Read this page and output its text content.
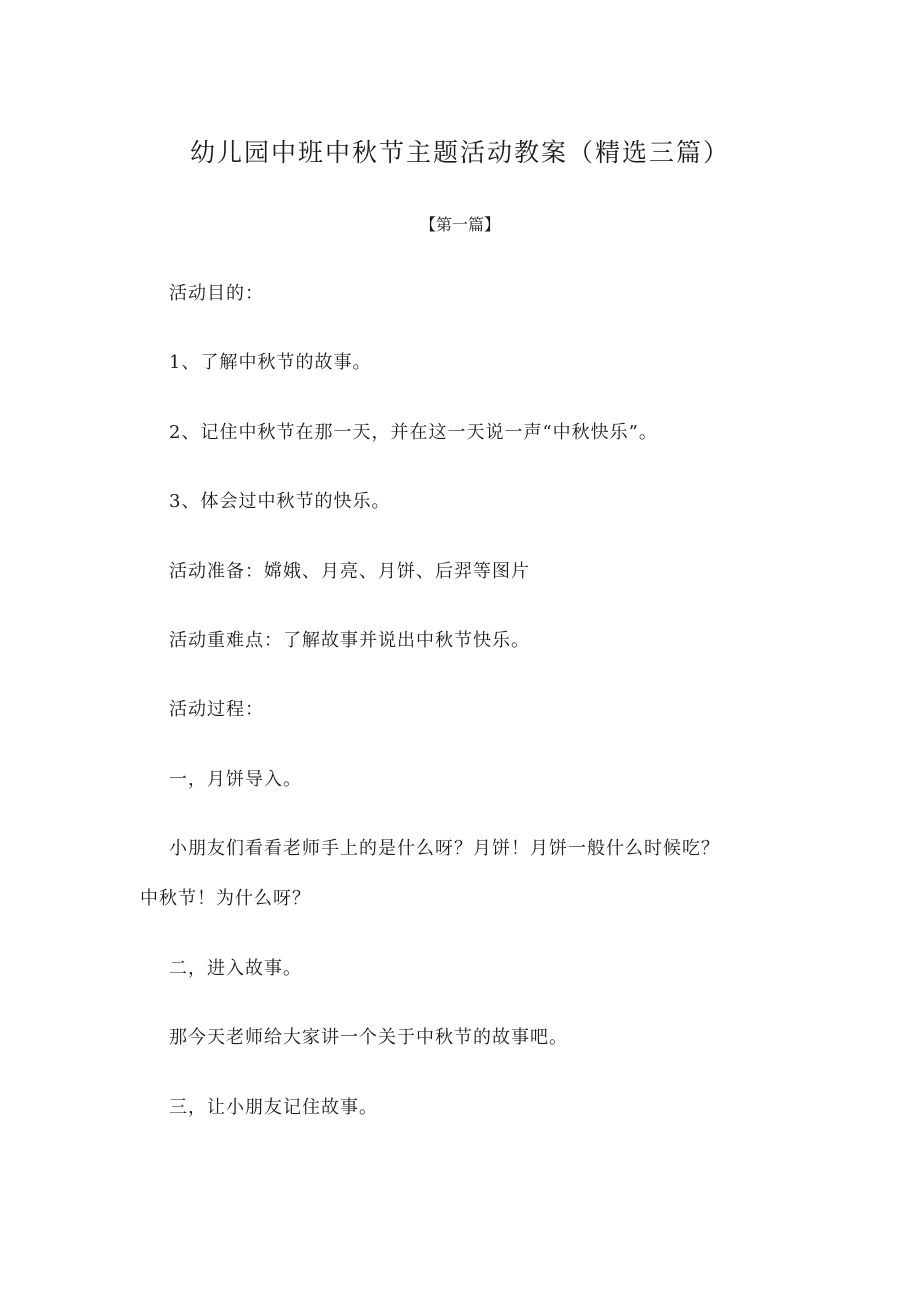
幼儿园中班中秋节主题活动教案（精选三篇）
【第一篇】
活动目的：
1、了解中秋节的故事。
2、记住中秋节在那一天，并在这一天说一声“中秋快乐”。
3、体会过中秋节的快乐。
活动准备：嫦娥、月亮、月饼、后羿等图片
活动重难点：了解故事并说出中秋节快乐。
活动过程：
一，月饼导入。
小朋友们看看老师手上的是什么呀？月饼！月饼一般什么时候吃？
中秋节！为什么呀？
二，进入故事。
那今天老师给大家讲一个关于中秋节的故事吧。
三，让小朋友记住故事。
